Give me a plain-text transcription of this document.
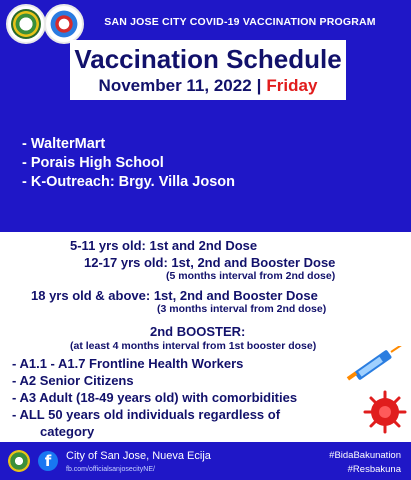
SAN JOSE CITY COVID-19 VACCINATION PROGRAM
Vaccination Schedule
November 11, 2022 | Friday
- WalterMart
- Porais High School
- K-Outreach: Brgy. Villa Joson
5-11 yrs old: 1st and 2nd Dose
12-17 yrs old: 1st, 2nd and Booster Dose
(5 months interval from 2nd dose)
18 yrs old & above: 1st, 2nd and Booster Dose
(3 months interval from 2nd dose)
2nd BOOSTER:
(at least 4 months interval from 1st booster dose)
- A1.1 - A1.7 Frontline Health Workers
- A2 Senior Citizens
- A3 Adult (18-49 years old) with comorbidities
- ALL 50 years old individuals regardless of
category
f	City of San Jose, Nueva Ecija
fb.com/officialsanjosecityNE/
#BidaBakunation
#Resbakuna
